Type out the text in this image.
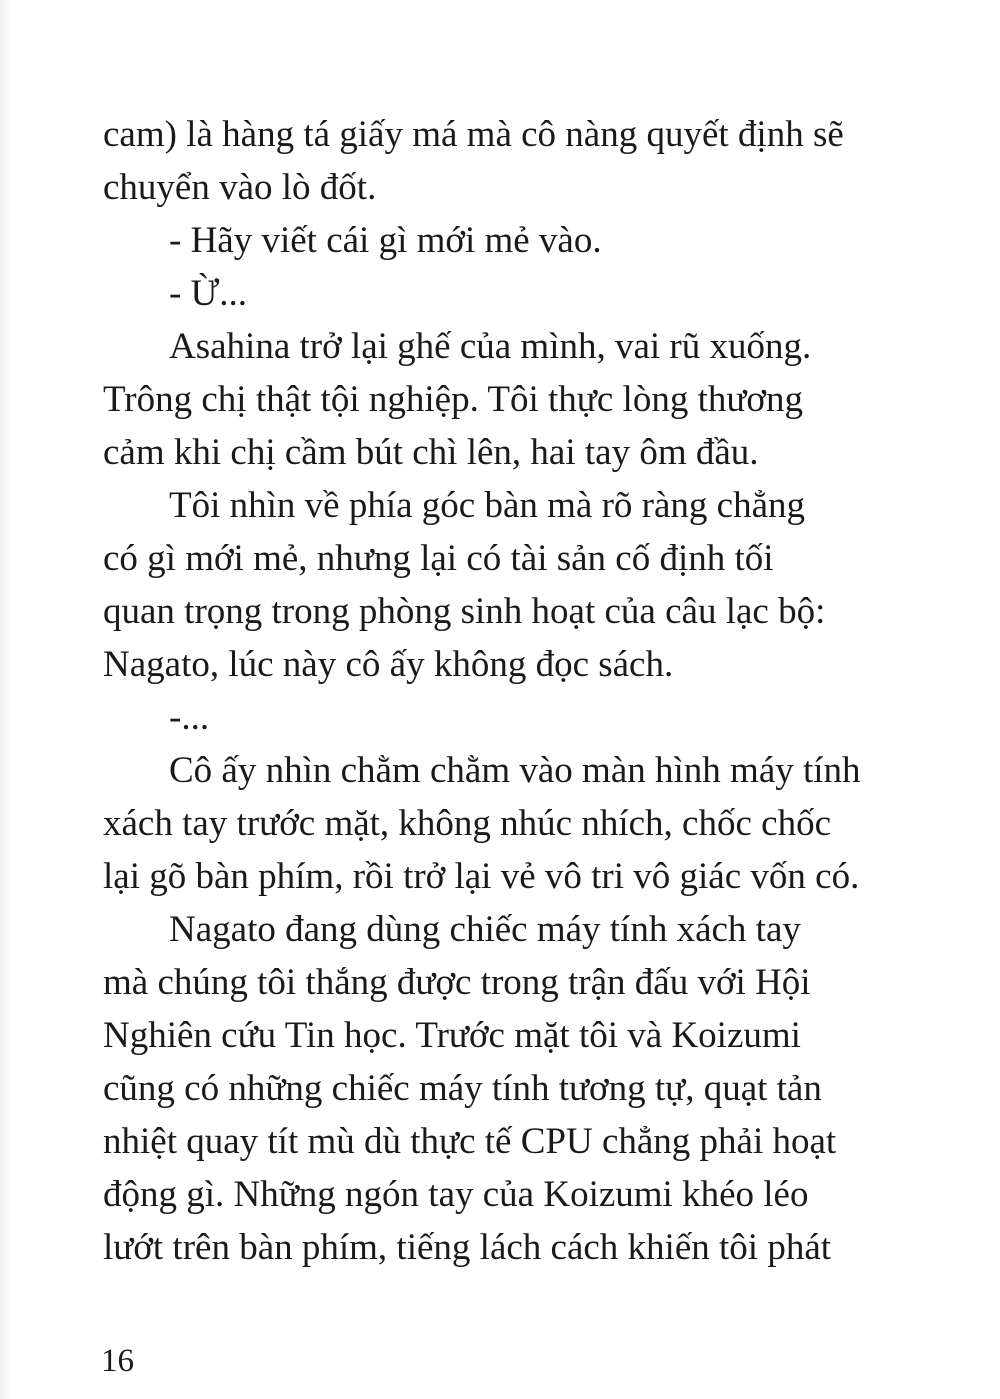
cam) là hàng tá giấy má mà cô nàng quyết định sẽ
chuyển vào lò đốt.
- Hãy viết cái gì mới mẻ vào.
- Ừ...
Asahina trở lại ghế của mình, vai rũ xuống.
Trông chị thật tội nghiệp. Tôi thực lòng thương
cảm khi chị cầm bút chì lên, hai tay ôm đầu.
Tôi nhìn về phía góc bàn mà rõ ràng chẳng
có gì mới mẻ, nhưng lại có tài sản cố định tối
quan trọng trong phòng sinh hoạt của câu lạc bộ:
Nagato, lúc này cô ấy không đọc sách.
-...
Cô ấy nhìn chằm chằm vào màn hình máy tính
xách tay trước mặt, không nhúc nhích, chốc chốc
lại gõ bàn phím, rồi trở lại vẻ vô tri vô giác vốn có.
Nagato đang dùng chiếc máy tính xách tay
mà chúng tôi thắng được trong trận đấu với Hội
Nghiên cứu Tin học. Trước mặt tôi và Koizumi
cũng có những chiếc máy tính tương tự, quạt tản
nhiệt quay tít mù dù thực tế CPU chẳng phải hoạt
động gì. Những ngón tay của Koizumi khéo léo
lướt trên bàn phím, tiếng lách cách khiến tôi phát
16
